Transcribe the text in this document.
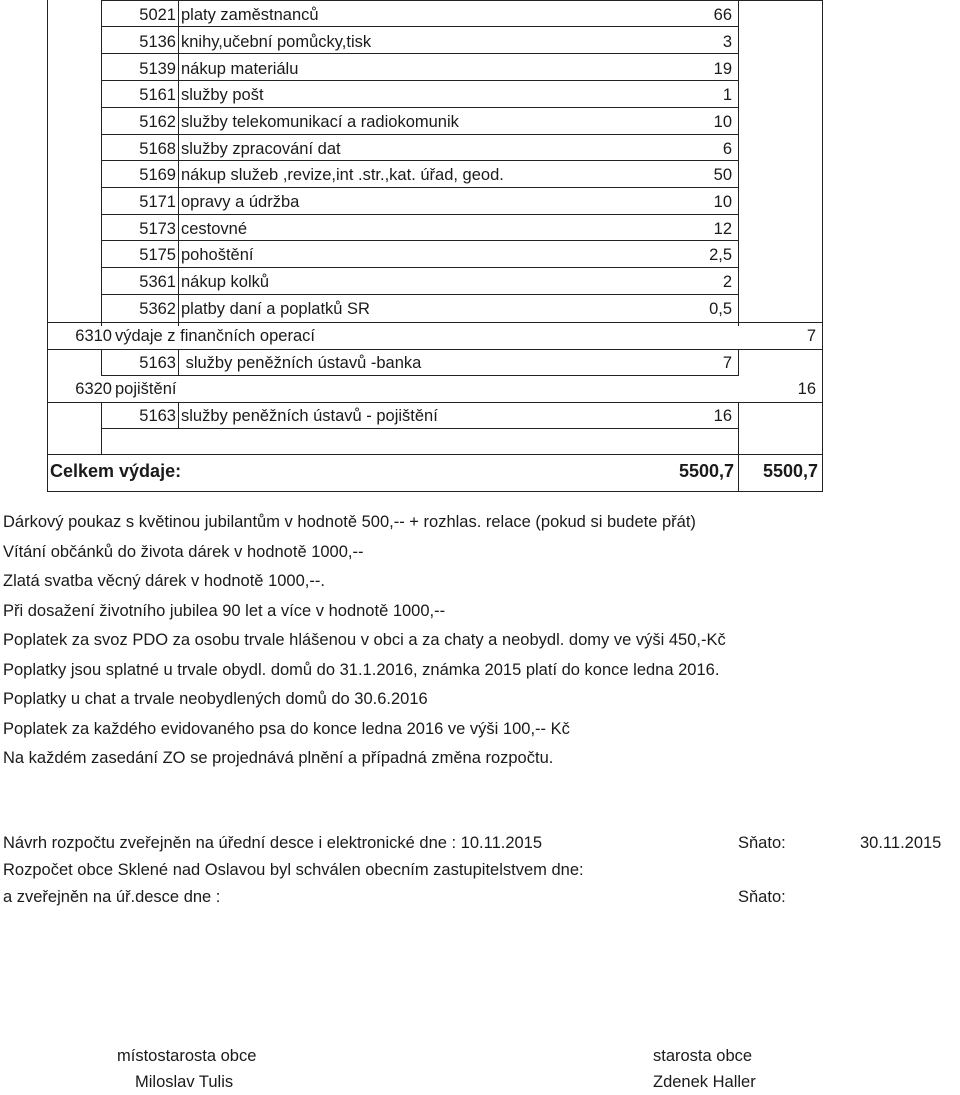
5021 platy zaměstnanců	66
5136 knihy,učební pomůcky,tisk	3
5139 nákup materiálu	19
5161 služby pošt	1
5162 služby telekomunikací a radiokomunik	10
5168 služby zpracování dat	6
5169 nákup služeb ,revize,int .str.,kat. úřad, geod.	50
5171 opravy a údržba	10
5173 cestovné	12
5175 pohoštění	2,5
5361 nákup kolků	2
5362 platby daní a poplatků SR	0,5
6310 výdaje z finančních operací	7
5163 služby peněžních ústavů -banka	7
6320 pojištění	16
5163 služby peněžních ústavů - pojištění	16
Celkem výdaje:	5500,7	5500,7
Dárkový poukaz s květinou jubilantům v hodnotě 500,-- + rozhlas. relace (pokud si budete přát)
Vítání občánků do života dárek v hodnotě 1000,--
Zlatá svatba věcný dárek v hodnotě 1000,--.
Při dosažení životního jubilea 90 let a více v hodnotě 1000,--
Poplatek za svoz PDO za osobu trvale hlášenou v obci a za chaty a neobydl. domy ve výši 450,-Kč
Poplatky jsou splatné u trvale obydl. domů do 31.1.2016, známka 2015 platí do konce ledna 2016.
Poplatky u chat a trvale neobydlených domů do 30.6.2016
Poplatek za každého evidovaného psa do konce ledna 2016 ve výši 100,-- Kč
Na každém zasedání ZO se projednává plnění a případná změna rozpočtu.
Návrh rozpočtu zveřejněn na úřední desce i elektronické dne : 10.11.2015	Sňato:	30.11.2015
Rozpočet obce Sklené nad Oslavou byl schválen obecním zastupitelstvem dne:
a zveřejněn na úř.desce dne :	Sňato:
místostarosta obce
Miloslav Tulis
starosta obce
Zdenek Haller
